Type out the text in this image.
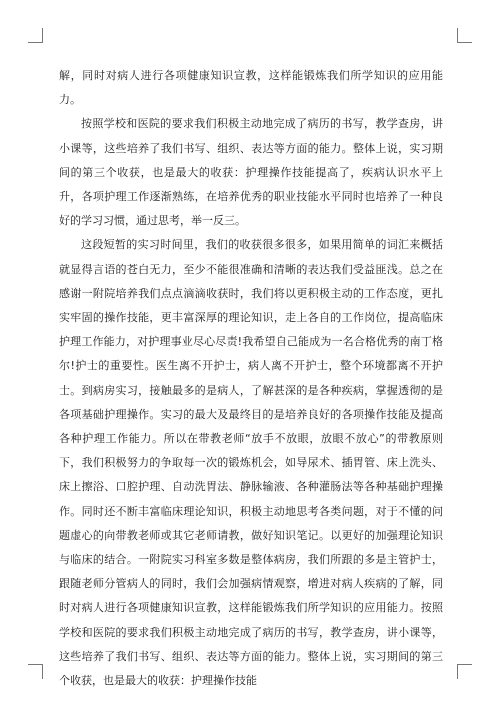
解，同时对病人进行各项健康知识宣教，这样能锻炼我们所学知识的应用能力。

按照学校和医院的要求我们积极主动地完成了病历的书写，教学查房，讲小课等，这些培养了我们书写、组织、表达等方面的能力。整体上说，实习期间的第三个收获，也是最大的收获：护理操作技能提高了，疾病认识水平上升，各项护理工作逐渐熟练，在培养优秀的职业技能水平同时也培养了一种良好的学习习惯，通过思考，举一反三。

这段短暂的实习时间里，我们的收获很多很多，如果用简单的词汇来概括就显得言语的苍白无力，至少不能很准确和清晰的表达我们受益匪浅。总之在感谢一附院培养我们点点滴滴收获时，我们将以更积极主动的工作态度，更扎实牢固的操作技能，更丰富深厚的理论知识，走上各自的工作岗位，提高临床护理工作能力，对护理事业尽心尽责!我希望自己能成为一名合格优秀的南丁格尔!护士的重要性。医生离不开护士，病人离不开护士，整个环境都离不开护士。到病房实习，接触最多的是病人，了解甚深的是各种疾病，掌握透彻的是各项基础护理操作。实习的最大及最终目的是培养良好的各项操作技能及提高各种护理工作能力。所以在带教老师“放手不放眼，放眼不放心”的带教原则下，我们积极努力的争取每一次的锻炼机会，如导尿术、插胃管、床上洗头、床上擦浴、口腔护理、自动洗胃法、静脉输液、各种灌肠法等各种基础护理操作。同时还不断丰富临床理论知识，积极主动地思考各类问题，对于不懂的问题虚心的向带教老师或其它老师请教，做好知识笔记。以更好的加强理论知识与临床的结合。一附院实习科室多数是整体病房，我们所跟的多是主管护士，跟随老师分管病人的同时，我们会加强病情观察，增进对病人疾病的了解，同时对病人进行各项健康知识宣教，这样能锻炼我们所学知识的应用能力。按照学校和医院的要求我们积极主动地完成了病历的书写，教学查房，讲小课等，这些培养了我们书写、组织、表达等方面的能力。整体上说，实习期间的第三个收获，也是最大的收获：护理操作技能
